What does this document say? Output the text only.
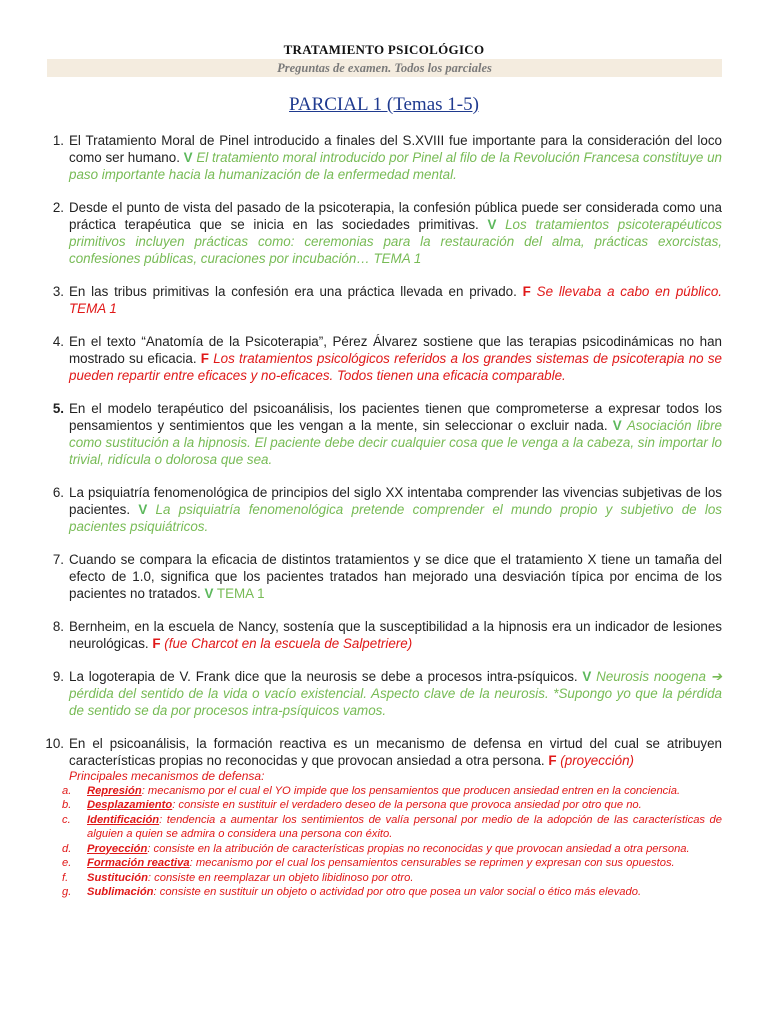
TRATAMIENTO PSICOLÓGICO
Preguntas de examen. Todos los parciales
PARCIAL 1 (Temas 1-5)
1. El Tratamiento Moral de Pinel introducido a finales del S.XVIII fue importante para la consideración del loco como ser humano. V El tratamiento moral introducido por Pinel al filo de la Revolución Francesa constituye un paso importante hacia la humanización de la enfermedad mental.
2. Desde el punto de vista del pasado de la psicoterapia, la confesión pública puede ser considerada como una práctica terapéutica que se inicia en las sociedades primitivas. V Los tratamientos psicoterapéuticos primitivos incluyen prácticas como: ceremonias para la restauración del alma, prácticas exorcistas, confesiones públicas, curaciones por incubación… TEMA 1
3. En las tribus primitivas la confesión era una práctica llevada en privado. F Se llevaba a cabo en público. TEMA 1
4. En el texto “Anatomía de la Psicoterapia”, Pérez Álvarez sostiene que las terapias psicodinámicas no han mostrado su eficacia. F Los tratamientos psicológicos referidos a los grandes sistemas de psicoterapia no se pueden repartir entre eficaces y no-eficaces. Todos tienen una eficacia comparable.
5. En el modelo terapéutico del psicoanálisis, los pacientes tienen que comprometerse a expresar todos los pensamientos y sentimientos que les vengan a la mente, sin seleccionar o excluir nada. V Asociación libre como sustitución a la hipnosis. El paciente debe decir cualquier cosa que le venga a la cabeza, sin importar lo trivial, ridícula o dolorosa que sea.
6. La psiquiatría fenomenológica de principios del siglo XX intentaba comprender las vivencias subjetivas de los pacientes. V La psiquiatría fenomenológica pretende comprender el mundo propio y subjetivo de los pacientes psiquiátricos.
7. Cuando se compara la eficacia de distintos tratamientos y se dice que el tratamiento X tiene un tamaña del efecto de 1.0, significa que los pacientes tratados han mejorado una desviación típica por encima de los pacientes no tratados. V TEMA 1
8. Bernheim, en la escuela de Nancy, sostenía que la susceptibilidad a la hipnosis era un indicador de lesiones neurológicas. F (fue Charcot en la escuela de Salpetriere)
9. La logoterapia de V. Frank dice que la neurosis se debe a procesos intra-psíquicos. V Neurosis noogena ➔ pérdida del sentido de la vida o vacío existencial. Aspecto clave de la neurosis. *Supongo yo que la pérdida de sentido se da por procesos intra-psíquicos vamos.
10. En el psicoanálisis, la formación reactiva es un mecanismo de defensa en virtud del cual se atribuyen características propias no reconocidas y que provocan ansiedad a otra persona. F (proyección)
Principales mecanismos de defensa:
a. Represión: mecanismo por el cual el YO impide que los pensamientos que producen ansiedad entren en la conciencia.
b. Desplazamiento: consiste en sustituir el verdadero deseo de la persona que provoca ansiedad por otro que no.
c. Identificación: tendencia a aumentar los sentimientos de valía personal por medio de la adopción de las características de alguien a quien se admira o considera una persona con éxito.
d. Proyección: consiste en la atribución de características propias no reconocidas y que provocan ansiedad a otra persona.
e. Formación reactiva: mecanismo por el cual los pensamientos censurables se reprimen y expresan con sus opuestos.
f. Sustitución: consiste en reemplazar un objeto libidinoso por otro.
g. Sublimación: consiste en sustituir un objeto o actividad por otro que posea un valor social o ético más elevado.
